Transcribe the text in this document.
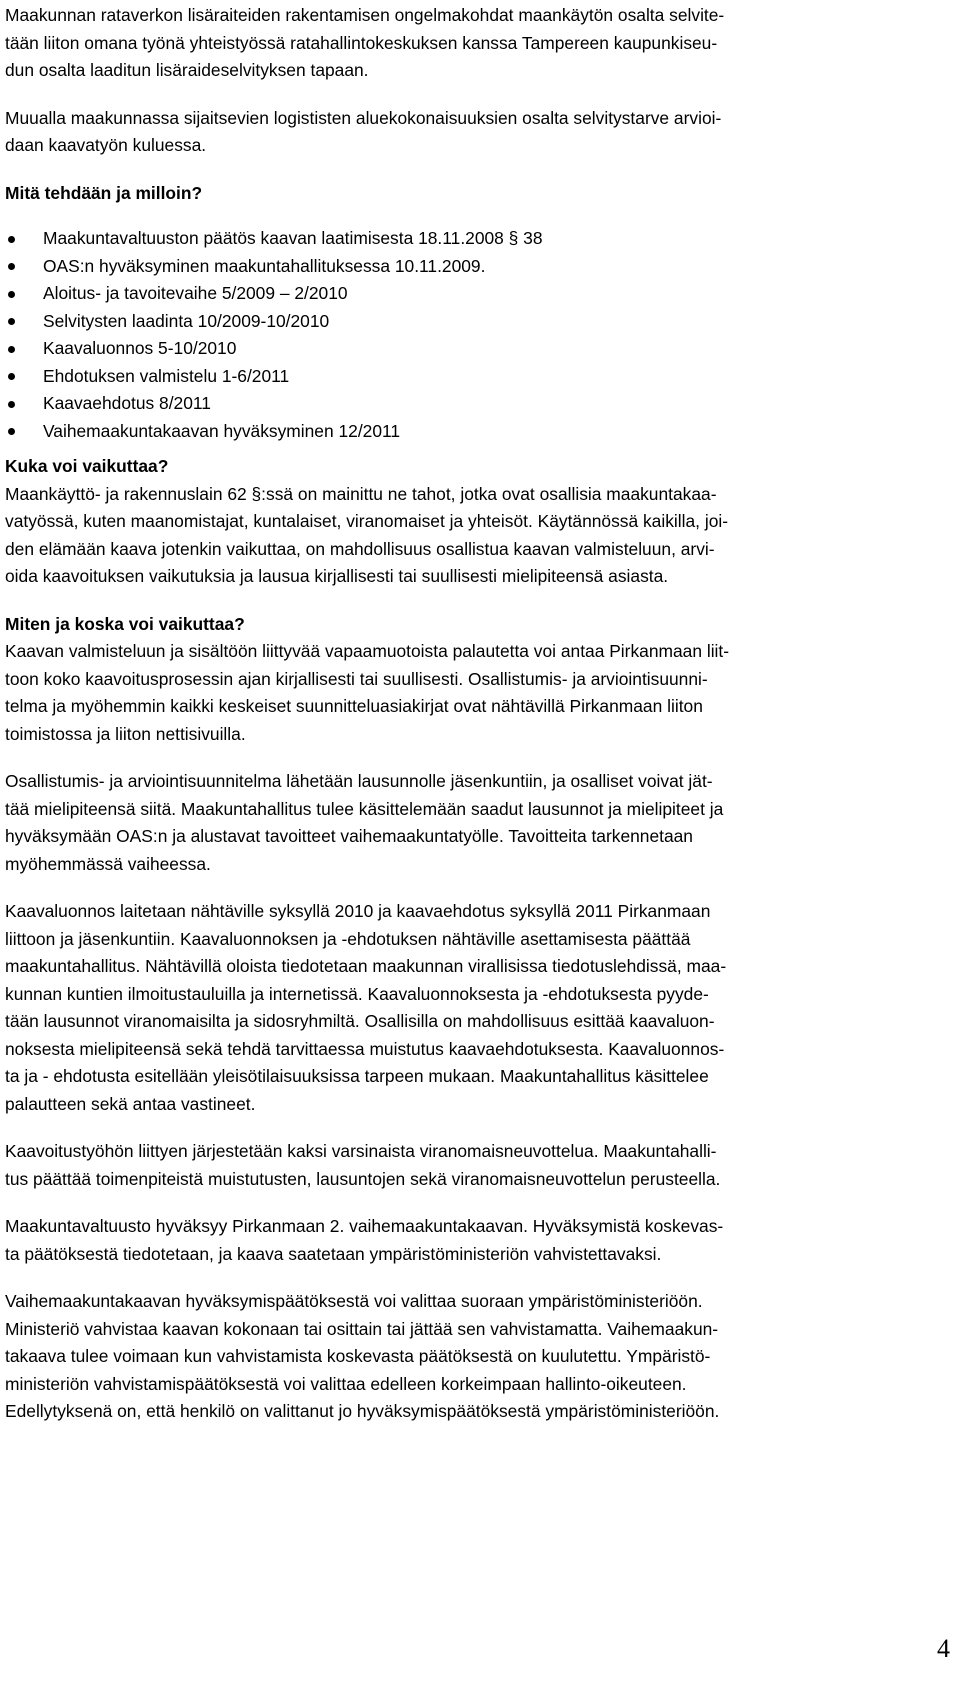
Maakunnan rataverkon lisäraiteiden rakentamisen ongelmakohdat maankäytön osalta selvite-
tään liiton omana työnä yhteistyössä ratahallintokeskuksen kanssa Tampereen kaupunkiseu-
dun osalta laaditun lisäraideselvityksen tapaan.

Muualla maakunnassa sijaitsevien logististen aluekokonaisuuksien osalta selvitystarve arvioi-
daan kaavatyön kuluessa.

Mitä tehdään ja milloin?

Maakuntavaltuuston päätös kaavan laatimisesta 18.11.2008 § 38
OAS:n hyväksyminen maakuntahallituksessa 10.11.2009.
Aloitus- ja tavoitevaihe 5/2009 – 2/2010
Selvitysten laadinta 10/2009-10/2010
Kaavaluonnos 5-10/2010
Ehdotuksen valmistelu 1-6/2011
Kaavaehdotus 8/2011
Vaihemaakuntakaavan hyväksyminen 12/2011

Kuka voi vaikuttaa?

Maankäyttö- ja rakennuslain 62 §:ssä on mainittu ne tahot, jotka ovat osallisia maakuntakaa-
vatyössä, kuten maanomistajat, kuntalaiset, viranomaiset ja yhteisöt. Käytännössä kaikilla, joi-
den elämään kaava jotenkin vaikuttaa, on mahdollisuus osallistua kaavan valmisteluun, arvi-
oida kaavoituksen vaikutuksia ja lausua kirjallisesti tai suullisesti mielipiteensä asiasta.

Miten ja koska voi vaikuttaa?

Kaavan valmisteluun ja sisältöön liittyvää vapaamuotoista palautetta voi antaa Pirkanmaan liit-
toon koko kaavoitusprosessin ajan kirjallisesti tai suullisesti. Osallistumis- ja arviointisuunni-
telma ja myöhemmin kaikki keskeiset suunnitteluasiakirjat ovat nähtävillä Pirkanmaan liiton
toimistossa ja liiton nettisivuilla.

Osallistumis- ja arviointisuunnitelma lähetään lausunnolle jäsenkuntiin, ja osalliset voivat jät-
tää mielipiteensä siitä. Maakuntahallitus tulee käsittelemään saadut lausunnot ja mielipiteet ja
hyväksymään OAS:n ja alustavat tavoitteet vaihemaakuntatyölle. Tavoitteita tarkennetaan
myöhemmässä vaiheessa.

Kaavaluonnos laitetaan nähtäville syksyllä 2010 ja kaavaehdotus syksyllä 2011 Pirkanmaan
liittoon ja jäsenkuntiin. Kaavaluonnoksen ja -ehdotuksen nähtäville asettamisesta päättää
maakuntahallitus. Nähtävillä oloista tiedotetaan maakunnan virallisissa tiedotuslehdissä, maa-
kunnan kuntien ilmoitustauluilla ja internetissä. Kaavaluonnoksesta ja -ehdotuksesta pyyde-
tään lausunnot viranomaisilta ja sidosryhmiltä. Osallisilla on mahdollisuus esittää kaavaluon-
noksesta mielipiteensä sekä tehdä tarvittaessa muistutus kaavaehdotuksesta. Kaavaluonnos-
ta ja - ehdotusta esitellään yleisötilaisuuksissa tarpeen mukaan. Maakuntahallitus käsittelee
palautteen sekä antaa vastineet.

Kaavoitustyöhön liittyen järjestetään kaksi varsinaista viranomaisneuvottelua. Maakuntahalli-
tus päättää toimenpiteistä muistutusten, lausuntojen sekä viranomaisneuvottelun perusteella.

Maakuntavaltuusto hyväksyy Pirkanmaan 2. vaihemaakuntakaavan. Hyväksymistä koskevas-
ta päätöksestä tiedotetaan, ja kaava saatetaan ympäristöministeriön vahvistettavaksi.

Vaihemaakuntakaavan hyväksymispäätöksestä voi valittaa suoraan ympäristöministeriöön.
Ministeriö vahvistaa kaavan kokonaan tai osittain tai jättää sen vahvistamatta. Vaihemaakun-
takaava tulee voimaan kun vahvistamista koskevasta päätöksestä on kuulutettu. Ympäristö-
ministeriön vahvistamispäätöksestä voi valittaa edelleen korkeimpaan hallinto-oikeuteen.
Edellytyksenä on, että henkilö on valittanut jo hyväksymispäätöksestä ympäristöministeriöön.

4
